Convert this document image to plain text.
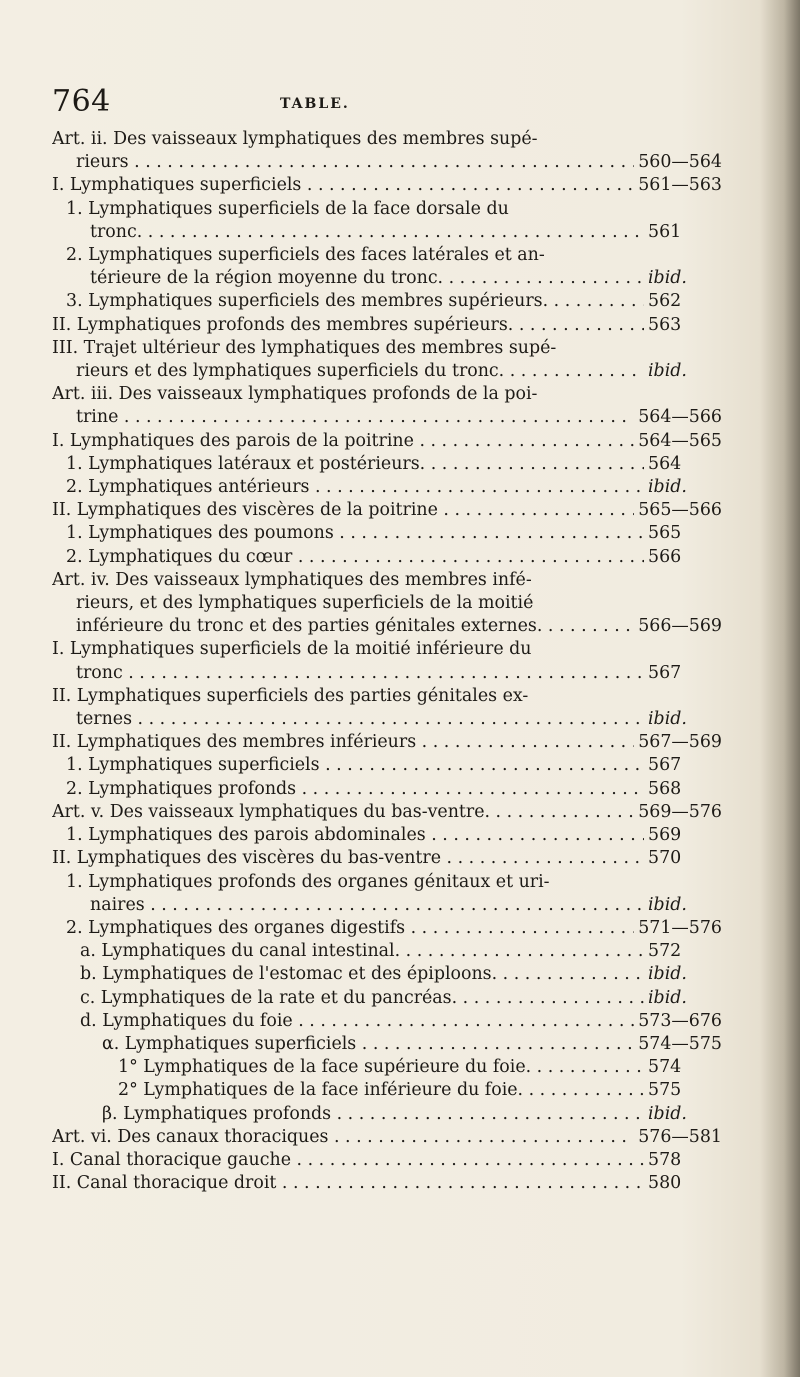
764	TABLE.
Art. ii. Des vaisseaux lymphatiques des membres supé-
rieurs . . .	560—564
I. Lymphatiques superficiels . . .	561—563
1. Lymphatiques superficiels de la face dorsale du
tronc. . . .	561
2. Lymphatiques superficiels des faces latérales et an-
térieure de la région moyenne du tronc. . . .	ibid.
3. Lymphatiques superficiels des membres supérieurs. . . .	562
II. Lymphatiques profonds des membres supérieurs. . . .	563
III. Trajet ultérieur des lymphatiques des membres supé-
rieurs et des lymphatiques superficiels du tronc. . . .	ibid.
Art. iii. Des vaisseaux lymphatiques profonds de la poi-
trine . . .	564—566
I. Lymphatiques des parois de la poitrine . . .	564—565
1. Lymphatiques latéraux et postérieurs. . . .	564
2. Lymphatiques antérieurs . . .	ibid.
II. Lymphatiques des viscères de la poitrine . . .	565—566
1. Lymphatiques des poumons . . .	565
2. Lymphatiques du cœur . . .	566
Art. iv. Des vaisseaux lymphatiques des membres infé-
rieurs, et des lymphatiques superficiels de la moitié
inférieure du tronc et des parties génitales externes. . . .	566—569
I. Lymphatiques superficiels de la moitié inférieure du
tronc . . .	567
II. Lymphatiques superficiels des parties génitales ex-
ternes . . .	ibid.
II. Lymphatiques des membres inférieurs . . .	567—569
1. Lymphatiques superficiels . . .	567
2. Lymphatiques profonds . . .	568
Art. v. Des vaisseaux lymphatiques du bas-ventre. . . .	569—576
1. Lymphatiques des parois abdominales . . .	569
II. Lymphatiques des viscères du bas-ventre . . .	570
1. Lymphatiques profonds des organes génitaux et uri-
naires . . .	ibid.
2. Lymphatiques des organes digestifs . . .	571—576
a. Lymphatiques du canal intestinal. . . .	572
b. Lymphatiques de l'estomac et des épiploons. . . .	ibid.
c. Lymphatiques de la rate et du pancréas. . . .	ibid.
d. Lymphatiques du foie . . .	573—676
α. Lymphatiques superficiels . . .	574—575
1° Lymphatiques de la face supérieure du foie. . . .	574
2° Lymphatiques de la face inférieure du foie. . . .	575
β. Lymphatiques profonds . . .	ibid.
Art. vi. Des canaux thoraciques . . .	576—581
I. Canal thoracique gauche . . .	578
II. Canal thoracique droit . . .	580
